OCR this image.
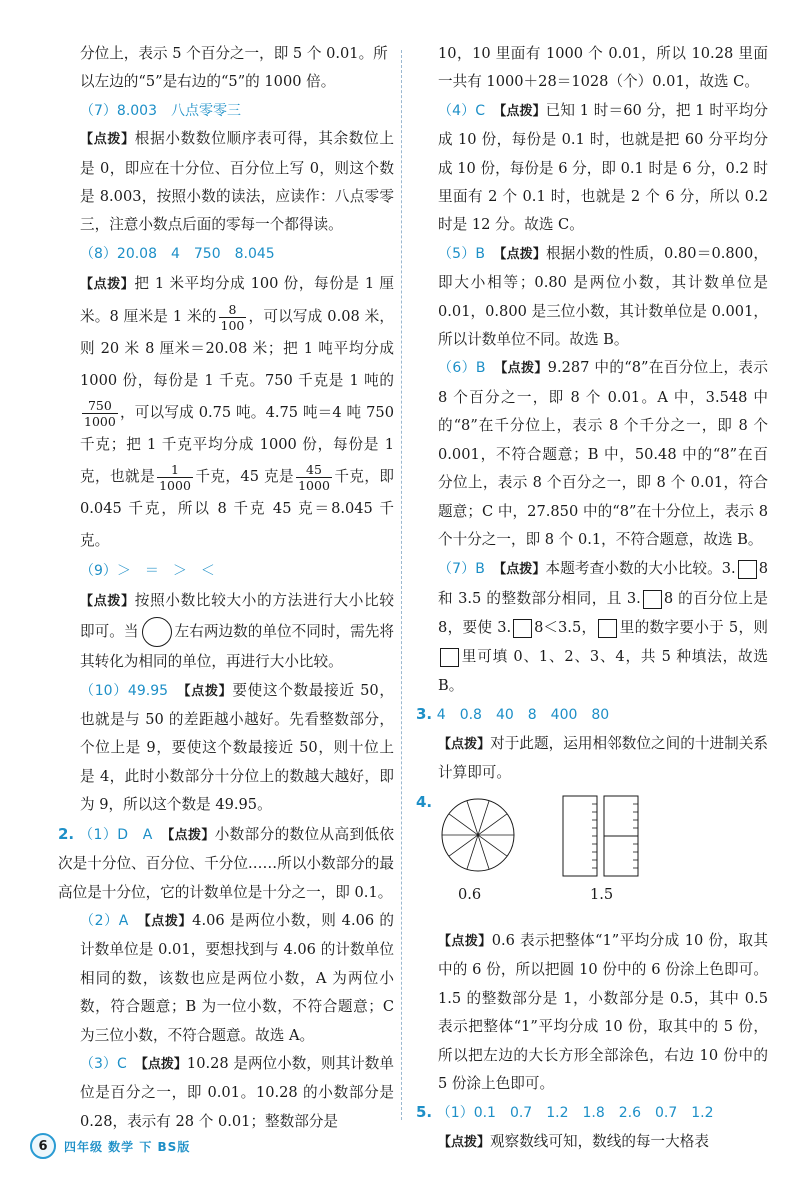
分位上，表示 5 个百分之一，即 5 个 0.01。所

以左边的“5”是右边的“5”的 1000 倍。

（7）8.003　八点零零三

【点拨】根据小数数位顺序表可得，其余数位上是 0，即应在十分位、百分位上写 0，则这个数是 8.003，按照小数的读法，应读作：八点零零三，注意小数点后面的零每一个都得读。

（8）20.08　4　750　8.045

【点拨】把 1 米平均分成 100 份，每份是 1 厘米。8 厘米是 1 米的 $\frac{8}{100}$ ，可以写成 0.08 米，则 20 米 8 厘米＝20.08 米；把 1 吨平均分成 1000 份，每份是 1 千克。750 千克是 1 吨的
$\frac{750}{1000}$ ，可以写成 0.75 吨。4.75 吨＝4 吨 750 千克；把 1 千克平均分成 1000 份，每份是 1 克，也就是 $\frac{1}{1000}$ 千克，45 克是 $\frac{45}{1000}$ 千克，即 0.045 千克，所以 8 千克 45 克＝8.045 千克。

（9）＞　＝　＞　＜

【点拨】按照小数比较大小的方法进行大小比较即可。当 左右两边数的单位不同时，需先将其转化为相同的单位，再进行大小比较。

（10）49.95　 【点拨】要使这个数最接近 50，也就是与 50 的差距越小越好。先看整数部分，个位上是 9，要使这个数最接近 50，则十位上是 4，此时小数部分十分位上的数越大越好，即为 9，所以这个数是 49.95。

2. （1）D　A　 【点拨】小数部分的数位从高到低依次是十分位、百分位、千分位……所以小数部分的最高位是十分位，它的计数单位是十分之一，即 0.1。

（2）A　 【点拨】4.06 是两位小数，则 4.06 的计数单位是 0.01，要想找到与 4.06 的计数单位相同的数，该数也应是两位小数，A 为两位小数，符合题意；B 为一位小数，不符合题意；C 为三位小数，不符合题意。故选 A。

（3）C　 【点拨】10.28 是两位小数，则其计数单位是百分之一，即 0.01。10.28 的小数部分是 0.28，表示有 28 个 0.01；整数部分是

10，10 里面有 1000 个 0.01，所以 10.28 里面一共有 1000＋28＝1028（个）0.01，故选 C。

（4）C　 【点拨】已知 1 时＝60 分，把 1 时平均分成 10 份，每份是 0.1 时，也就是把 60 分平均分成 10 份，每份是 6 分，即 0.1 时是 6 分，0.2 时里面有 2 个 0.1 时，也就是 2 个 6 分，所以 0.2 时是 12 分。故选 C。

（5）B　 【点拨】根据小数的性质，0.80＝0.800，即大小相等；0.80 是两位小数，其计数单位是 0.01，0.800 是三位小数，其计数单位是 0.001，所以计数单位不同。故选 B。

（6）B　 【点拨】9.287 中的“8”在百分位上，表示 8 个百分之一，即 8 个 0.01。A 中，3.548 中的“8”在千分位上，表示 8 个千分之一，即 8 个 0.001，不符合题意；B 中，50.48 中的“8”在百分位上，表示 8 个百分之一，即 8 个 0.01，符合题意；C 中，27.850 中的“8”在十分位上，表示 8 个十分之一，即 8 个 0.1，不符合题意，故选 B。

（7）B　 【点拨】本题考查小数的大小比较。3. 8和 3.5 的整数部分相同，且 3. 8 的百分位上是 8，要使 3. 8＜3.5， 里的数字要小于 5，则里可填 0、1、2、3、4，共 5 种填法，故选 B。

3. 4　0.8　40　8　400　80

【点拨】对于此题，运用相邻数位之间的十进制关系计算即可。

4.

0.6	1.5

【点拨】0.6 表示把整体“1”平均分成 10 份，取其中的 6 份，所以把圆 10 份中的 6 份涂上色即可。1.5 的整数部分是 1，小数部分是 0.5，其中 0.5 表示把整体“1”平均分成 10 份，取其中的 5 份，所以把左边的大长方形全部涂色，右边 10 份中的 5 份涂上色即可。

5. （1）0.1　0.7　1.2　1.8　2.6　0.7　1.2

【点拨】观察数线可知，数线的每一大格表

6	四年级 数学 下 BS版
